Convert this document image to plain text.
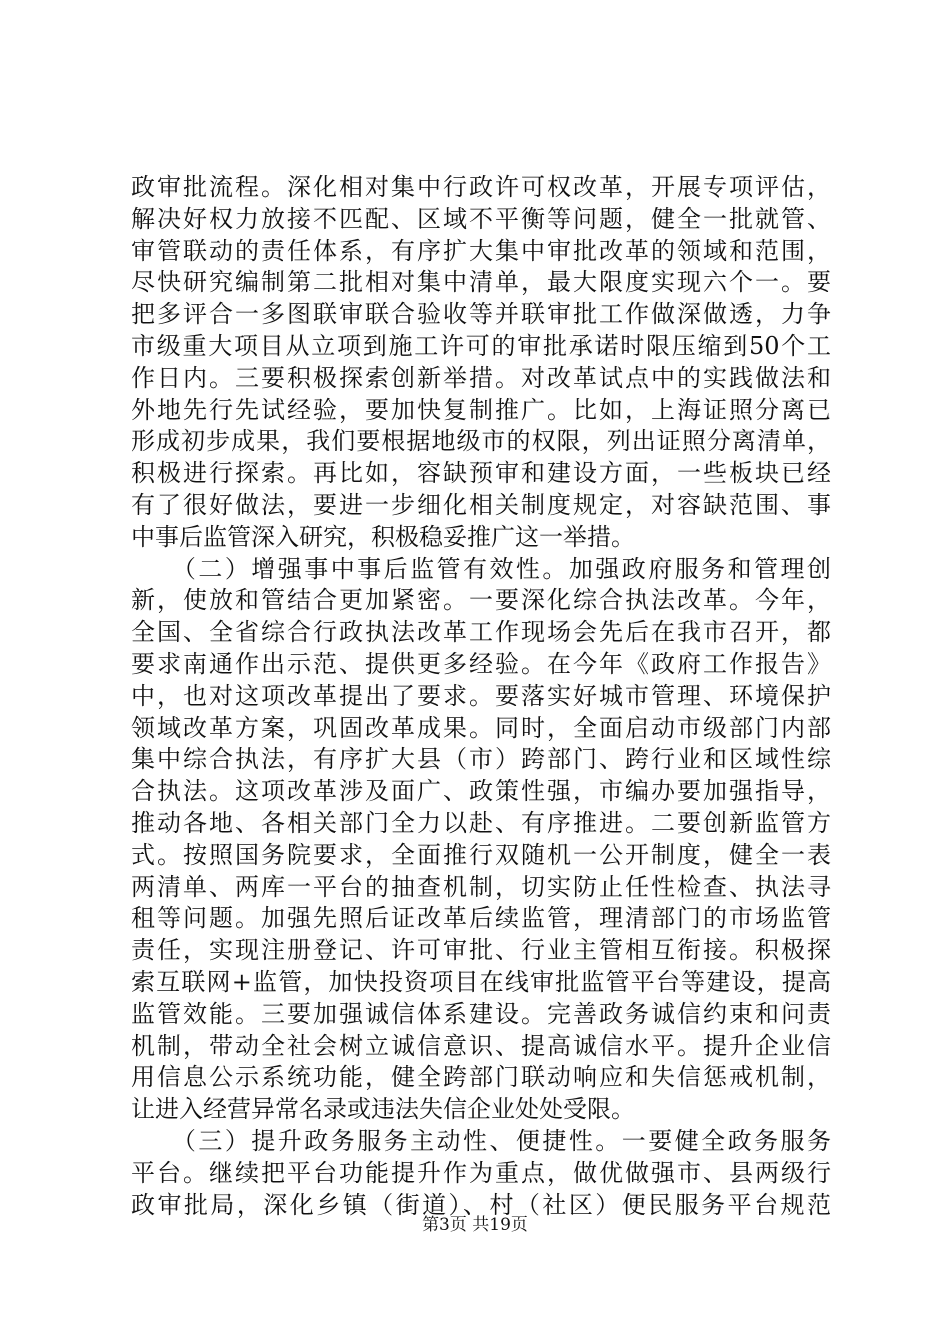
政审批流程。深化相对集中行政许可权改革，开展专项评估，
解决好权力放接不匹配、区域不平衡等问题，健全一批就管、
审管联动的责任体系，有序扩大集中审批改革的领域和范围，
尽快研究编制第二批相对集中清单，最大限度实现六个一。要
把多评合一多图联审联合验收等并联审批工作做深做透，力争
市级重大项目从立项到施工许可的审批承诺时限压缩到50个工
作日内。三要积极探索创新举措。对改革试点中的实践做法和
外地先行先试经验，要加快复制推广。比如，上海证照分离已
形成初步成果，我们要根据地级市的权限，列出证照分离清单，
积极进行探索。再比如，容缺预审和建设方面，一些板块已经
有了很好做法，要进一步细化相关制度规定，对容缺范围、事
中事后监管深入研究，积极稳妥推广这一举措。
　　（二）增强事中事后监管有效性。加强政府服务和管理创
新，使放和管结合更加紧密。一要深化综合执法改革。今年，
全国、全省综合行政执法改革工作现场会先后在我市召开，都
要求南通作出示范、提供更多经验。在今年《政府工作报告》
中，也对这项改革提出了要求。要落实好城市管理、环境保护
领域改革方案，巩固改革成果。同时，全面启动市级部门内部
集中综合执法，有序扩大县（市）跨部门、跨行业和区域性综
合执法。这项改革涉及面广、政策性强，市编办要加强指导，
推动各地、各相关部门全力以赴、有序推进。二要创新监管方
式。按照国务院要求，全面推行双随机一公开制度，健全一表
两清单、两库一平台的抽查机制，切实防止任性检查、执法寻
租等问题。加强先照后证改革后续监管，理清部门的市场监管
责任，实现注册登记、许可审批、行业主管相互衔接。积极探
索互联网+监管，加快投资项目在线审批监管平台等建设，提高
监管效能。三要加强诚信体系建设。完善政务诚信约束和问责
机制，带动全社会树立诚信意识、提高诚信水平。提升企业信
用信息公示系统功能，健全跨部门联动响应和失信惩戒机制，
让进入经营异常名录或违法失信企业处处受限。
　　（三）提升政务服务主动性、便捷性。一要健全政务服务
平台。继续把平台功能提升作为重点，做优做强市、县两级行
政审批局，深化乡镇（街道）、村（社区）便民服务平台规范
第3页 共19页
